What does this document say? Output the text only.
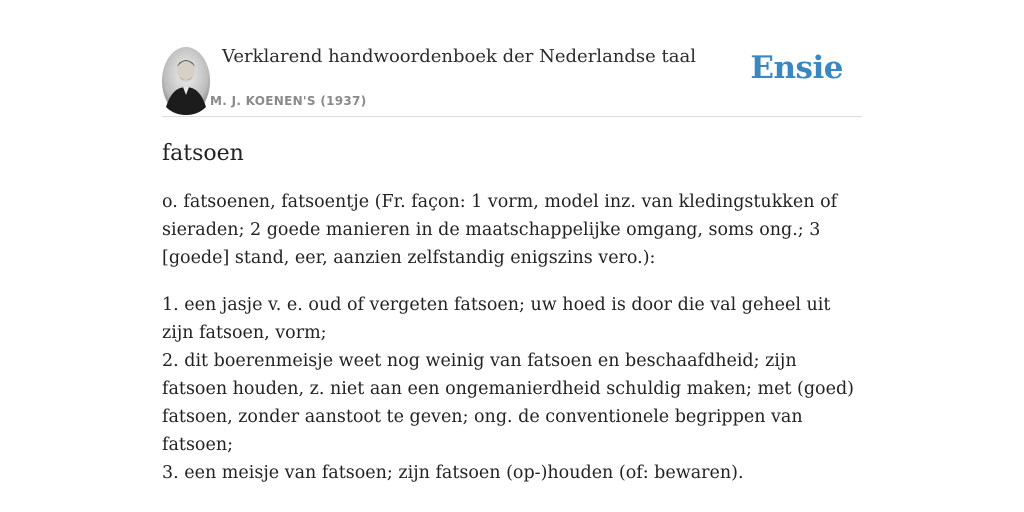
Verklarend handwoordenboek der Nederlandse taal
M. J. KOENEN'S (1937)
Ensie
fatsoen

o. fatsoenen, fatsoentje (Fr. façon: 1 vorm, model inz. van kledingstukken of sieraden; 2 goede manieren in de maatschappelijke omgang, soms ong.; 3 [goede] stand, eer, aanzien zelfstandig enigszins vero.):

1. een jasje v. e. oud of vergeten fatsoen; uw hoed is door die val geheel uit zijn fatsoen, vorm;
2. dit boerenmeisje weet nog weinig van fatsoen en beschaafdheid; zijn fatsoen houden, z. niet aan een ongemanierdheid schuldig maken; met (goed) fatsoen, zonder aanstoot te geven; ong. de conventionele begrippen van fatsoen;
3. een meisje van fatsoen; zijn fatsoen (op-)houden (of: bewaren).
